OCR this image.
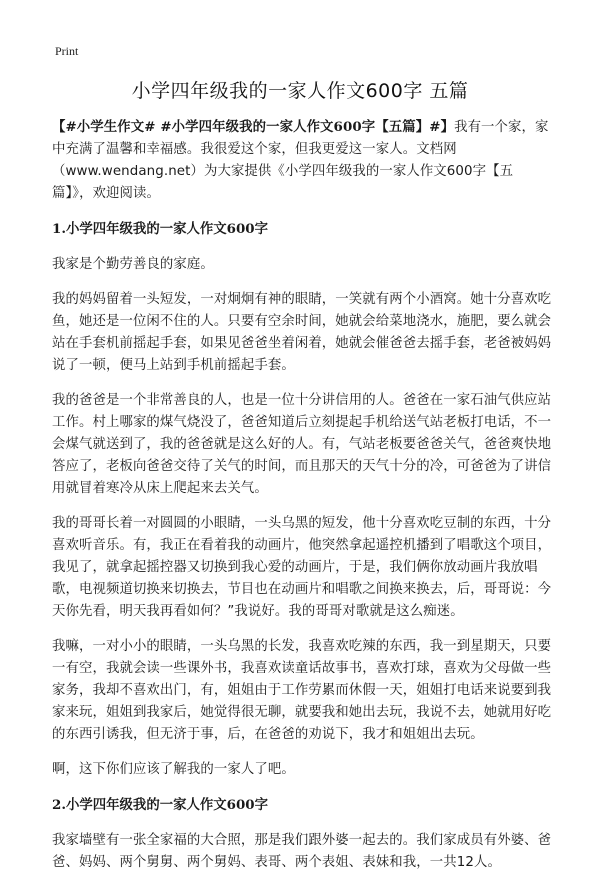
Print
小学四年级我的一家人作文600字 五篇

【#小学生作文# #小学四年级我的一家人作文600字【五篇】#】我有一个家，家中充满了温馨和幸福感。我很爱这个家，但我更爱这一家人。文档网（www.wendang.net）为大家提供《小学四年级我的一家人作文600字【五篇】》，欢迎阅读。

1.小学四年级我的一家人作文600字

我家是个勤劳善良的家庭。

我的妈妈留着一头短发，一对炯炯有神的眼睛，一笑就有两个小酒窝。她十分喜欢吃鱼，她还是一位闲不住的人。只要有空余时间，她就会给菜地浇水，施肥，要么就会站在手套机前摇起手套，如果见爸爸坐着闲着，她就会催爸爸去摇手套，老爸被妈妈说了一顿，便马上站到手机前摇起手套。

我的爸爸是一个非常善良的人，也是一位十分讲信用的人。爸爸在一家石油气供应站工作。村上哪家的煤气烧没了，爸爸知道后立刻提起手机给送气站老板打电话，不一会煤气就送到了，我的爸爸就是这么好的人。有，气站老板要爸爸关气，爸爸爽快地答应了，老板向爸爸交待了关气的时间，而且那天的天气十分的冷，可爸爸为了讲信用就冒着寒冷从床上爬起来去关气。

我的哥哥长着一对圆圆的小眼睛，一头乌黑的短发，他十分喜欢吃豆制的东西，十分喜欢听音乐。有，我正在看着我的动画片，他突然拿起遥控机播到了唱歌这个项目，我见了，就拿起摇控器又切换到我心爱的动画片，于是，我们俩你放动画片我放唱歌，电视频道切换来切换去，节目也在动画片和唱歌之间换来换去，后，哥哥说：今天你先看，明天我再看如何？”我说好。我的哥哥对歌就是这么痴迷。

我嘛，一对小小的眼睛，一头乌黑的长发，我喜欢吃辣的东西，我一到星期天，只要一有空，我就会读一些课外书，我喜欢读童话故事书，喜欢打球，喜欢为父母做一些家务，我却不喜欢出门，有，姐姐由于工作劳累而休假一天，姐姐打电话来说要到我家来玩，姐姐到我家后，她觉得很无聊，就要我和她出去玩，我说不去，她就用好吃的东西引诱我，但无济于事，后，在爸爸的劝说下，我才和姐姐出去玩。

啊，这下你们应该了解我的一家人了吧。

2.小学四年级我的一家人作文600字

我家墙壁有一张全家福的大合照，那是我们跟外婆一起去的。我们家成员有外婆、爸爸、妈妈、两个舅舅、两个舅妈、表哥、两个表姐、表妹和我，一共12人。
